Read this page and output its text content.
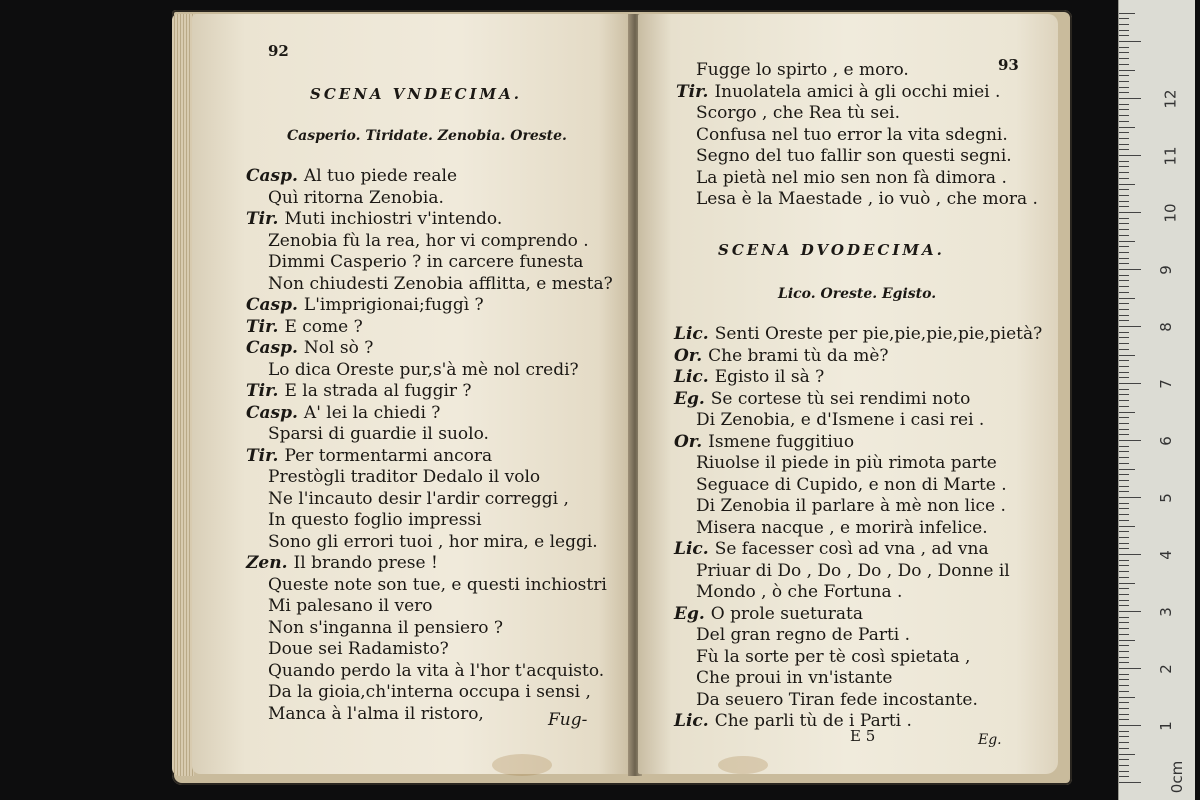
92
SCENA VNDECIMA.
Casperio. Tiridate. Zenobia. Oreste.
Casp. Al tuo piede reale
Quì ritorna Zenobia.
Tir. Muti inchiostri v'intendo.
Zenobia fù la rea, hor vi comprendo .
Dimmi Casperio ? in carcere funesta
Non chiudesti Zenobia afflitta, e mesta?
Casp. L'imprigionai;fuggì ?
Tir. E come ?
Casp. Nol sò ?
Lo dica Oreste pur,s'à mè nol credi?
Tir. E la strada al fuggir ?
Casp. A' lei la chiedi ?
Sparsi di guardie il suolo.
Tir. Per tormentarmi ancora
Prestògli traditor Dedalo il volo
Ne l'incauto desir l'ardir correggi ,
In questo foglio impressi
Sono gli errori tuoi , hor mira, e leggi.
Zen. Il brando prese !
Queste note son tue, e questi inchiostri
Mi palesano il vero
Non s'inganna il pensiero ?
Doue sei Radamisto?
Quando perdo la vita à l'hor t'acquisto.
Da la gioia,ch'interna occupa i sensi ,
Manca à l'alma il ristoro,	Fug-
93
Fugge lo spirto , e moro.
Tir. Inuolatela amici à gli occhi miei .
Scorgo , che Rea tù sei.
Confusa nel tuo error la vita sdegni.
Segno del tuo fallir son questi segni.
La pietà nel mio sen non fà dimora .
Lesa è la Maestade , io vuò , che mora .
SCENA DVODECIMA.
Lico. Oreste. Egisto.
Lic. Senti Oreste per pie,pie,pie,pie,pietà?
Or. Che brami tù da mè?
Lic. Egisto il sà ?
Eg. Se cortese tù sei rendimi noto
Di Zenobia, e d'Ismene i casi rei .
Or. Ismene fuggitiuo
Riuolse il piede in più rimota parte
Seguace di Cupido, e non di Marte .
Di Zenobia il parlare à mè non lice .
Misera nacque , e morirà infelice.
Lic. Se facesser così ad vna , ad vna
Priuar di Do , Do , Do , Do , Donne il
Mondo , ò che Fortuna .
Eg. O prole sueturata
Del gran regno de Parti .
Fù la sorte per tè così spietata ,
Che proui in vn'istante
Da seuero Tiran fede incostante.
Lic. Che parli tù de i Parti .
E 5	Eg.
0cm
1
2
3
4
5
6
7
8
9
10
11
12
